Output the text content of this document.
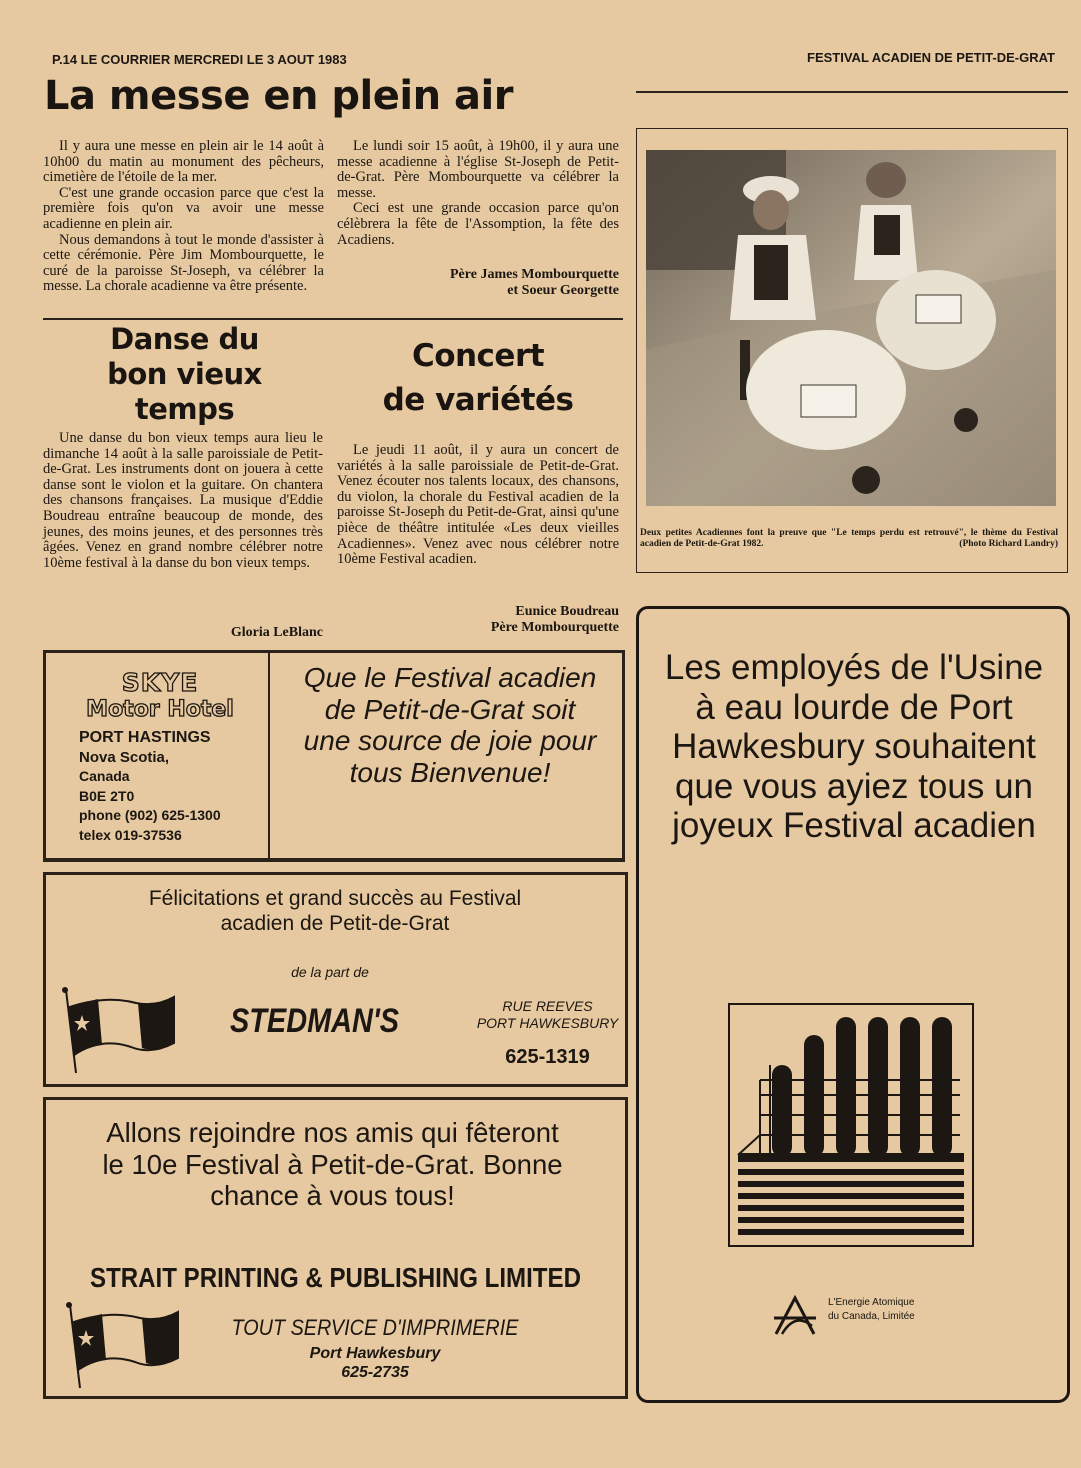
P.14 LE COURRIER MERCREDI LE 3 AOUT 1983	FESTIVAL ACADIEN DE PETIT-DE-GRAT
La messe en plein air

Il y aura une messe en plein air le 14 août à 10h00 du matin au monument des pêcheurs, cimetière de l'étoile de la mer.

C'est une grande occasion parce que c'est la première fois qu'on va avoir une messe acadienne en plein air.

Nous demandons à tout le monde d'assister à cette cérémonie. Père Jim Mombourquette, le curé de la paroisse St-Joseph, va célébrer la messe. La chorale acadienne va être présente.

Le lundi soir 15 août, à 19h00, il y aura une messe acadienne à l'église St-Joseph de Petit-de-Grat. Père Mombourquette va célébrer la messe.

Ceci est une grande occasion parce qu'on célèbrera la fête de l'Assomption, la fête des Acadiens.

Père James Mombourquette
et Soeur Georgette
Danse du
bon vieux
temps

Une danse du bon vieux temps aura lieu le dimanche 14 août à la salle paroissiale de Petit-de-Grat. Les instruments dont on jouera à cette danse sont le violon et la guitare. On chantera des chansons françaises. La musique d'Eddie Boudreau entraîne beaucoup de monde, des jeunes, des moins jeunes, et des personnes très âgées. Venez en grand nombre célébrer notre 10ème festival à la danse du bon vieux temps.

Gloria LeBlanc
Concert
de variétés

Le jeudi 11 août, il y aura un concert de variétés à la salle paroissiale de Petit-de-Grat. Venez écouter nos talents locaux, des chansons, du violon, la chorale du Festival acadien de la paroisse St-Joseph du Petit-de-Grat, ainsi qu'une pièce de théâtre intitulée «Les deux vieilles Acadiennes». Venez avec nous célébrer notre 10ème Festival acadien.

Eunice Boudreau
Père Mombourquette
Deux petites Acadiennes font la preuve que "Le temps perdu est retrouvé", le thème du Festival acadien de Petit-de-Grat 1982.	(Photo Richard Landry)
SKYE
Motor Hotel
PORT HASTINGS
Nova Scotia,
Canada
B0E 2T0
phone (902) 625-1300
telex 019-37536
Que le Festival acadien de Petit-de-Grat soit une source de joie pour tous Bienvenue!
Félicitations et grand succès au Festival acadien de Petit-de-Grat
de la part de
STEDMAN'S	RUE REEVES
PORT HAWKESBURY
625-1319
Allons rejoindre nos amis qui fêteront le 10e Festival à Petit-de-Grat. Bonne chance à vous tous!
STRAIT PRINTING & PUBLISHING LIMITED
TOUT SERVICE D'IMPRIMERIE
Port Hawkesbury
625-2735
Les employés de l'Usine à eau lourde de Port Hawkesbury souhaitent que vous ayiez tous un joyeux Festival acadien
L'Energie Atomique
du Canada, Limitée
